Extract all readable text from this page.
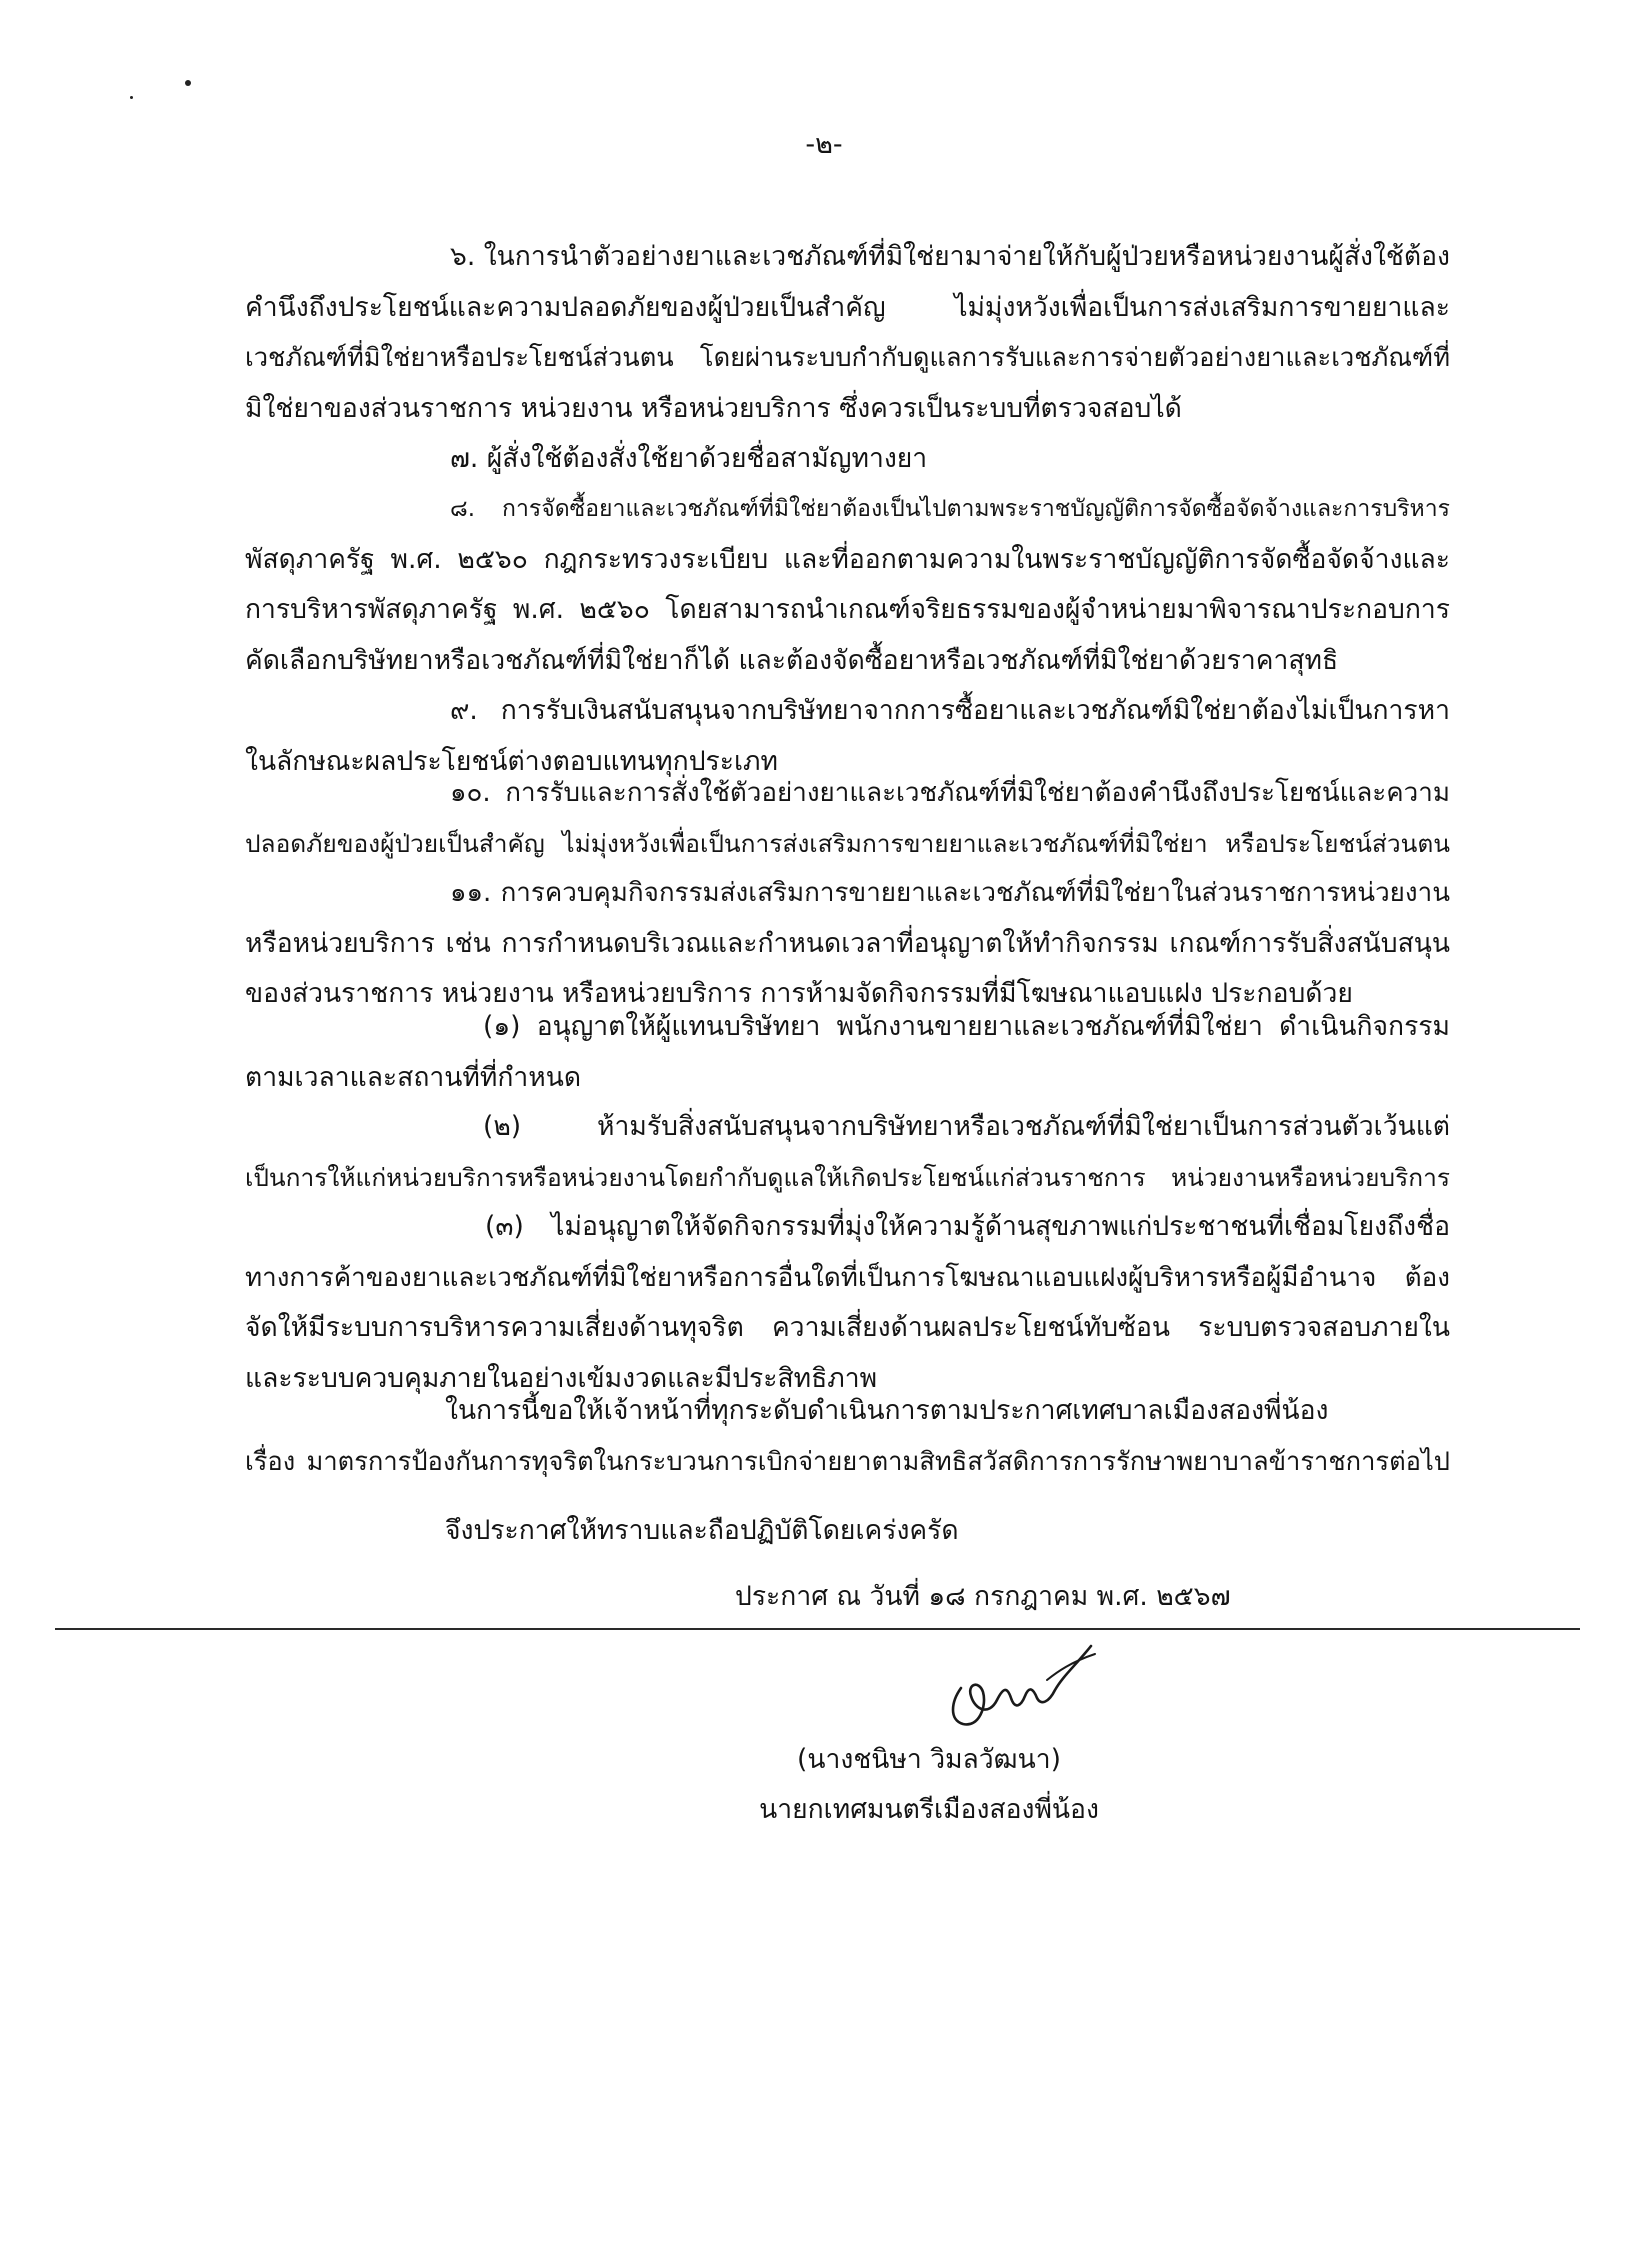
-๒-
๖. ในการนำตัวอย่างยาและเวชภัณฑ์ที่มิใช่ยามาจ่ายให้กับผู้ป่วยหรือหน่วยงานผู้สั่งใช้ต้อง
คำนึงถึงประโยชน์และความปลอดภัยของผู้ป่วยเป็นสำคัญ ไม่มุ่งหวังเพื่อเป็นการส่งเสริมการขายยาและ
เวชภัณฑ์ที่มิใช่ยาหรือประโยชน์ส่วนตน โดยผ่านระบบกำกับดูแลการรับและการจ่ายตัวอย่างยาและเวชภัณฑ์ที่
มิใช่ยาของส่วนราชการ หน่วยงาน หรือหน่วยบริการ ซึ่งควรเป็นระบบที่ตรวจสอบได้
๗. ผู้สั่งใช้ต้องสั่งใช้ยาด้วยชื่อสามัญทางยา
๘. การจัดซื้อยาและเวชภัณฑ์ที่มิใช่ยาต้องเป็นไปตามพระราชบัญญัติการจัดซื้อจัดจ้างและการบริหาร
พัสดุภาครัฐ พ.ศ. ๒๕๖๐ กฎกระทรวงระเบียบ และที่ออกตามความในพระราชบัญญัติการจัดซื้อจัดจ้างและ
การบริหารพัสดุภาครัฐ พ.ศ. ๒๕๖๐ โดยสามารถนำเกณฑ์จริยธรรมของผู้จำหน่ายมาพิจารณาประกอบการ
คัดเลือกบริษัทยาหรือเวชภัณฑ์ที่มิใช่ยาก็ได้ และต้องจัดซื้อยาหรือเวชภัณฑ์ที่มิใช่ยาด้วยราคาสุทธิ
๙. การรับเงินสนับสนุนจากบริษัทยาจากการซื้อยาและเวชภัณฑ์มิใช่ยาต้องไม่เป็นการหา
ในลักษณะผลประโยชน์ต่างตอบแทนทุกประเภท
๑๐. การรับและการสั่งใช้ตัวอย่างยาและเวชภัณฑ์ที่มิใช่ยาต้องคำนึงถึงประโยชน์และความ
ปลอดภัยของผู้ป่วยเป็นสำคัญ ไม่มุ่งหวังเพื่อเป็นการส่งเสริมการขายยาและเวชภัณฑ์ที่มิใช่ยา หรือประโยชน์ส่วนตน
๑๑. การควบคุมกิจกรรมส่งเสริมการขายยาและเวชภัณฑ์ที่มิใช่ยาในส่วนราชการหน่วยงาน
หรือหน่วยบริการ เช่น การกำหนดบริเวณและกำหนดเวลาที่อนุญาตให้ทำกิจกรรม เกณฑ์การรับสิ่งสนับสนุน
ของส่วนราชการ หน่วยงาน หรือหน่วยบริการ การห้ามจัดกิจกรรมที่มีโฆษณาแอบแฝง ประกอบด้วย
(๑) อนุญาตให้ผู้แทนบริษัทยา พนักงานขายยาและเวชภัณฑ์ที่มิใช่ยา ดำเนินกิจกรรม
ตามเวลาและสถานที่ที่กำหนด
(๒) ห้ามรับสิ่งสนับสนุนจากบริษัทยาหรือเวชภัณฑ์ที่มิใช่ยาเป็นการส่วนตัวเว้นแต่
เป็นการให้แก่หน่วยบริการหรือหน่วยงานโดยกำกับดูแลให้เกิดประโยชน์แก่ส่วนราชการ หน่วยงานหรือหน่วยบริการ
(๓) ไม่อนุญาตให้จัดกิจกรรมที่มุ่งให้ความรู้ด้านสุขภาพแก่ประชาชนที่เชื่อมโยงถึงชื่อ
ทางการค้าของยาและเวชภัณฑ์ที่มิใช่ยาหรือการอื่นใดที่เป็นการโฆษณาแอบแฝงผู้บริหารหรือผู้มีอำนาจ ต้อง
จัดให้มีระบบการบริหารความเสี่ยงด้านทุจริต ความเสี่ยงด้านผลประโยชน์ทับซ้อน ระบบตรวจสอบภายใน
และระบบควบคุมภายในอย่างเข้มงวดและมีประสิทธิภาพ
ในการนี้ขอให้เจ้าหน้าที่ทุกระดับดำเนินการตามประกาศเทศบาลเมืองสองพี่น้อง
เรื่อง มาตรการป้องกันการทุจริตในกระบวนการเบิกจ่ายยาตามสิทธิสวัสดิการการรักษาพยาบาลข้าราชการต่อไป
จึงประกาศให้ทราบและถือปฏิบัติโดยเคร่งครัด
ประกาศ ณ วันที่ ๑๘ กรกฎาคม พ.ศ. ๒๕๖๗
(นางชนิษา วิมลวัฒนา)
นายกเทศมนตรีเมืองสองพี่น้อง
